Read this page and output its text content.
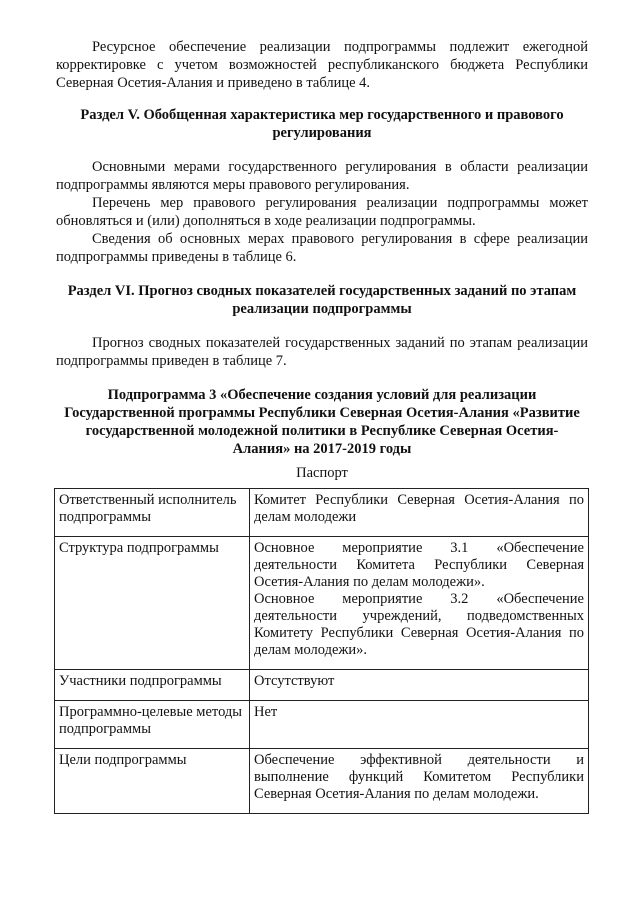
Ресурсное обеспечение реализации подпрограммы подлежит ежегодной корректировке с учетом возможностей республиканского бюджета Республики Северная Осетия-Алания и приведено в таблице 4.

Раздел V. Обобщенная характеристика мер государственного и правового регулирования

Основными мерами государственного регулирования в области реализации подпрограммы являются меры правового регулирования.

Перечень мер правового регулирования реализации подпрограммы может обновляться и (или) дополняться в ходе реализации подпрограммы.

Сведения об основных мерах правового регулирования в сфере реализации подпрограммы приведены в таблице 6.

Раздел VI. Прогноз сводных показателей государственных заданий по этапам реализации подпрограммы

Прогноз сводных показателей государственных заданий по этапам реализации подпрограммы приведен в таблице 7.

Подпрограмма 3 «Обеспечение создания условий для реализации Государственной программы Республики Северная Осетия-Алания «Развитие государственной молодежной политики в Республике Северная Осетия-Алания» на 2017-2019 годы
Паспорт
Ответственный исполнитель подпрограммы	Комитет Республики Северная Осетия-Алания по делам молодежи

Структура подпрограммы	Основное мероприятие 3.1 «Обеспечение деятельности Комитета Республики Северная Осетия-Алания по делам молодежи».
Основное мероприятие 3.2 «Обеспечение деятельности учреждений, подведомственных Комитету Республики Северная Осетия-Алания по делам молодежи».

Участники подпрограммы	Отсутствуют

Программно-целевые методы подпрограммы	Нет

Цели подпрограммы	Обеспечение эффективной деятельности и выполнение функций Комитетом Республики Северная Осетия-Алания по делам молодежи.
